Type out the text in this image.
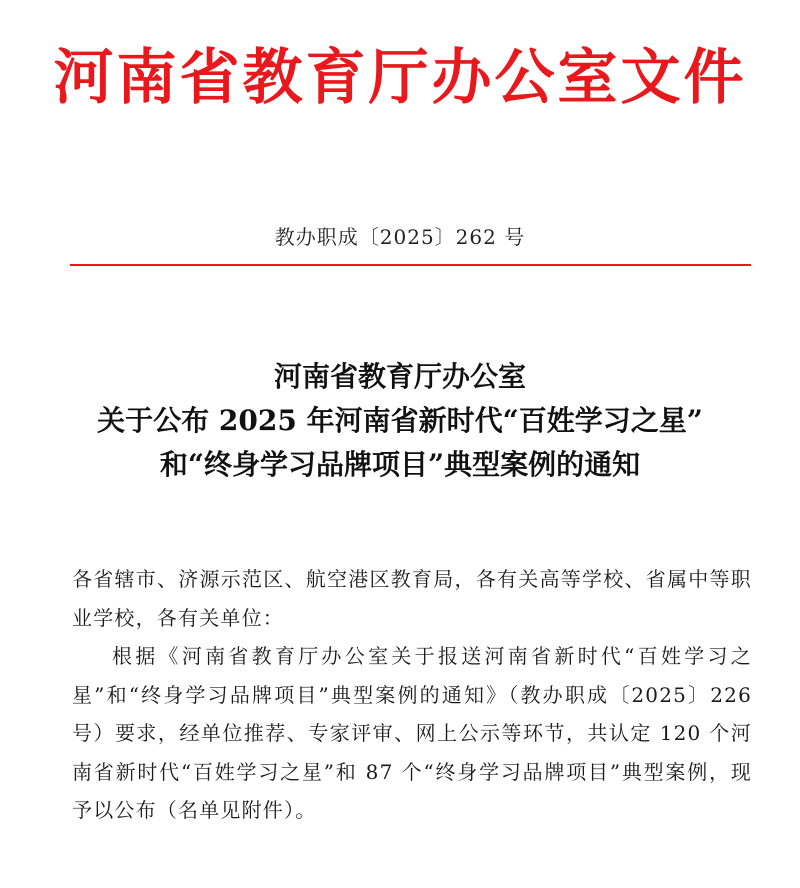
河南省教育厅办公室文件
教办职成〔2025〕262 号
河南省教育厅办公室
关于公布 2025 年河南省新时代“百姓学习之星”
和“终身学习品牌项目”典型案例的通知

各省辖市、济源示范区、航空港区教育局，各有关高等学校、省属中等职业学校，各有关单位：

根据《河南省教育厅办公室关于报送河南省新时代“百姓学习之星”和“终身学习品牌项目”典型案例的通知》（教办职成〔2025〕226 号）要求，经单位推荐、专家评审、网上公示等环节，共认定 120 个河南省新时代“百姓学习之星”和 87 个“终身学习品牌项目”典型案例，现予以公布（名单见附件）。
